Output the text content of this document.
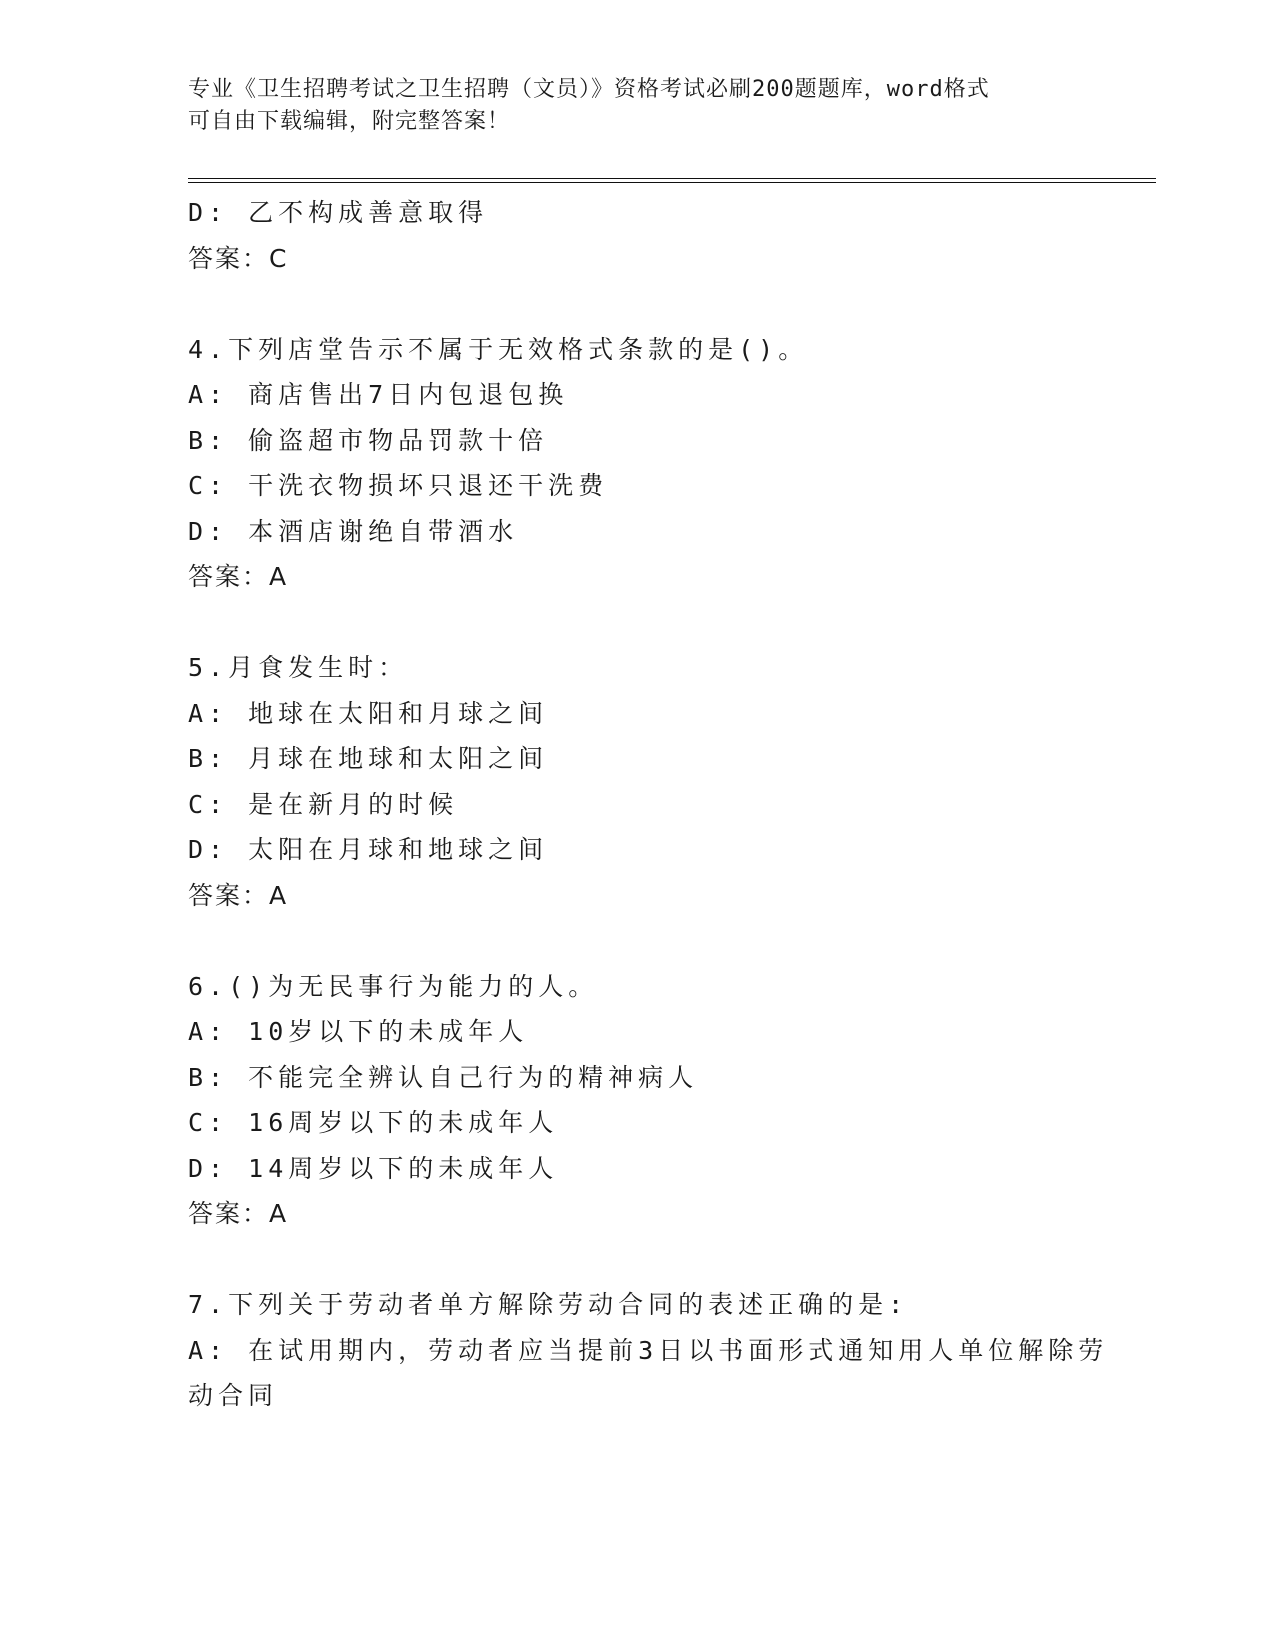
专业《卫生招聘考试之卫生招聘（文员）》资格考试必刷200题题库，word格式
可自由下载编辑，附完整答案！
D: 乙不构成善意取得
答案：C
4.下列店堂告示不属于无效格式条款的是()。
A: 商店售出7日内包退包换
B: 偷盗超市物品罚款十倍
C: 干洗衣物损坏只退还干洗费
D: 本酒店谢绝自带酒水
答案：A
5.月食发生时：
A: 地球在太阳和月球之间
B: 月球在地球和太阳之间
C: 是在新月的时候
D: 太阳在月球和地球之间
答案：A
6.()为无民事行为能力的人。
A: 10岁以下的未成年人
B: 不能完全辨认自己行为的精神病人
C: 16周岁以下的未成年人
D: 14周岁以下的未成年人
答案：A
7.下列关于劳动者单方解除劳动合同的表述正确的是:
A: 在试用期内，劳动者应当提前3日以书面形式通知用人单位解除劳
动合同
